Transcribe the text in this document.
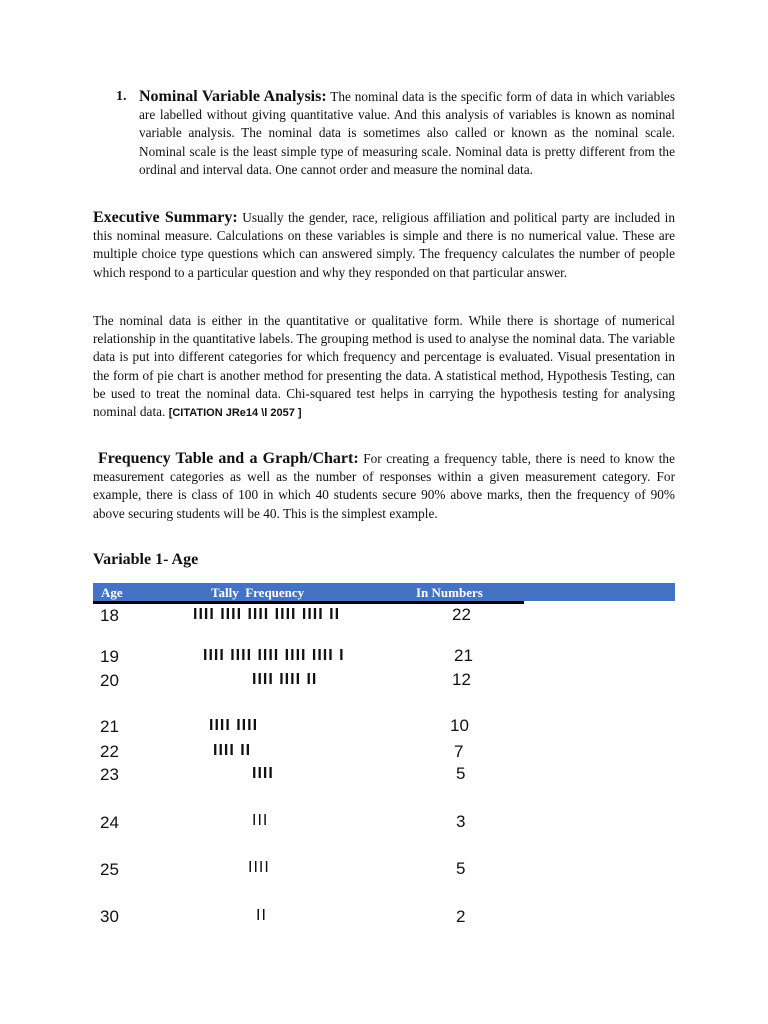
1. Nominal Variable Analysis: The nominal data is the specific form of data in which variables are labelled without giving quantitative value. And this analysis of variables is known as nominal variable analysis. The nominal data is sometimes also called or known as the nominal scale. Nominal scale is the least simple type of measuring scale. Nominal data is pretty different from the ordinal and interval data. One cannot order and measure the nominal data.
Executive Summary: Usually the gender, race, religious affiliation and political party are included in this nominal measure. Calculations on these variables is simple and there is no numerical value. These are multiple choice type questions which can answered simply. The frequency calculates the number of people which respond to a particular question and why they responded on that particular answer.
The nominal data is either in the quantitative or qualitative form. While there is shortage of numerical relationship in the quantitative labels. The grouping method is used to analyse the nominal data. The variable data is put into different categories for which frequency and percentage is evaluated. Visual presentation in the form of pie chart is another method for presenting the data. A statistical method, Hypothesis Testing, can be used to treat the nominal data. Chi-squared test helps in carrying the hypothesis testing for analysing nominal data. [CITATION JRe14 \l 2057 ]
Frequency Table and a Graph/Chart: For creating a frequency table, there is need to know the measurement categories as well as the number of responses within a given measurement category. For example, there is class of 100 in which 40 students secure 90% above marks, then the frequency of 90% above securing students will be 40. This is the simplest example.
Variable 1- Age
Age	Tally  Frequency	In Numbers
18	IIII IIII IIII IIII IIII II	22
19	IIII IIII IIII IIII IIII I	21
20	IIII IIII II	12
21	IIII IIII	10
22	IIII II	7
23	IIII	5
24	III	3
25	IIII	5
30	II	2
